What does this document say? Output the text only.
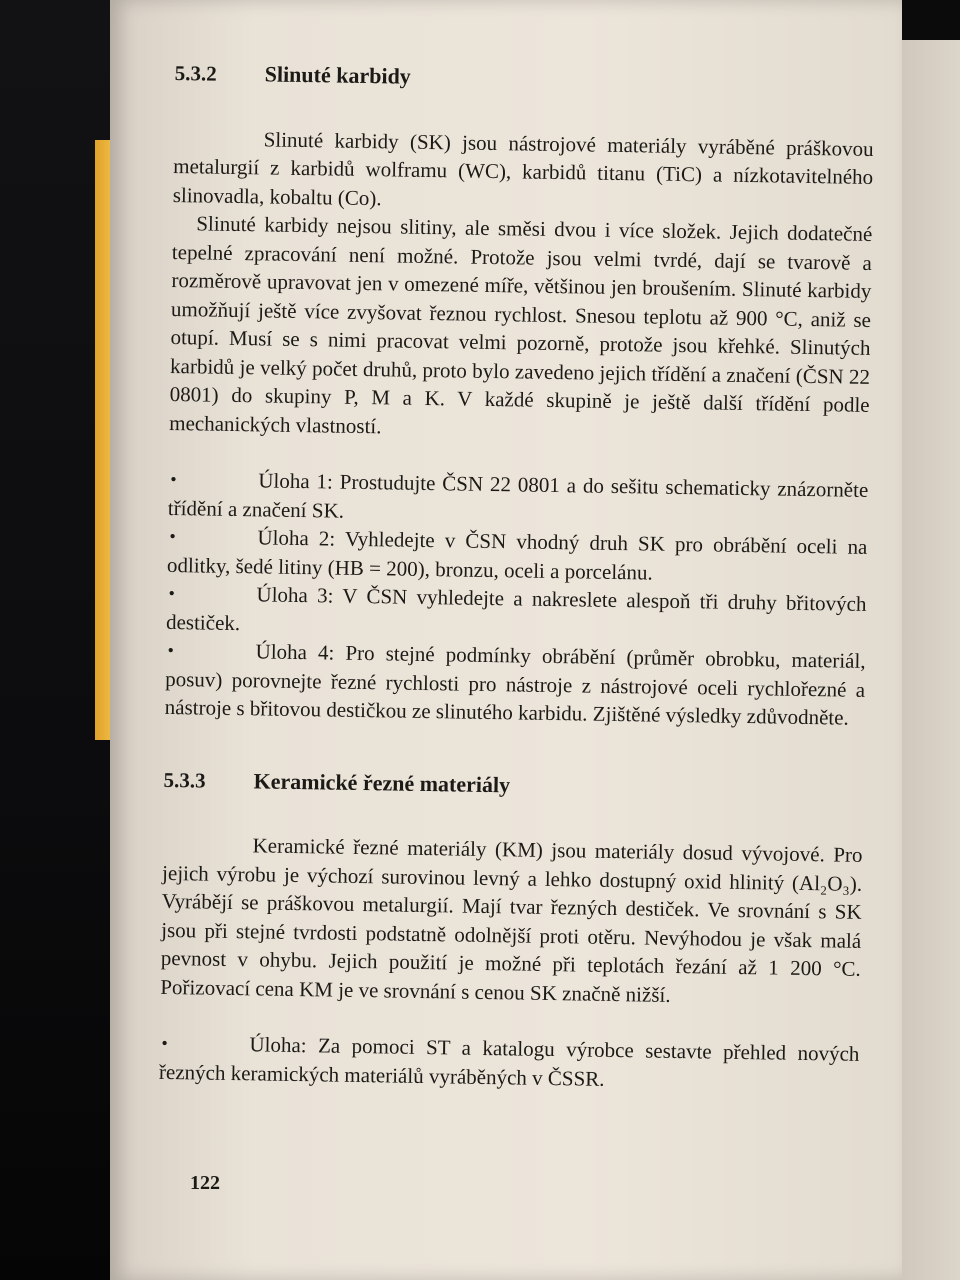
5.3.2	Slinuté karbidy

Slinuté karbidy (SK) jsou nástrojové materiály vyráběné práškovou metalurgií z karbidů wolframu (WC), karbidů titanu (TiC) a nízkotavitelného slinovadla, kobaltu (Co).

Slinuté karbidy nejsou slitiny, ale směsi dvou i více složek. Jejich dodatečné tepelné zpracování není možné. Protože jsou velmi tvrdé, dají se tvarově a rozměrově upravovat jen v omezené míře, většinou jen broušením. Slinuté karbidy umožňují ještě více zvyšovat řeznou rychlost. Snesou teplotu až 900 °C, aniž se otupí. Musí se s nimi pracovat velmi pozorně, protože jsou křehké. Slinutých karbidů je velký počet druhů, proto bylo zavedeno jejich třídění a značení (ČSN 22 0801) do skupiny P, M a K. V každé skupině je ještě další třídění podle mechanických vlastností.

•	Úloha 1: Prostudujte ČSN 22 0801 a do sešitu schematicky znázorněte třídění a značení SK.
•	Úloha 2: Vyhledejte v ČSN vhodný druh SK pro obrábění oceli na odlitky, šedé litiny (HB = 200), bronzu, oceli a porcelánu.
•	Úloha 3: V ČSN vyhledejte a nakreslete alespoň tři druhy břitových destiček.
•	Úloha 4: Pro stejné podmínky obrábění (průměr obrobku, materiál, posuv) porovnejte řezné rychlosti pro nástroje z nástrojové oceli rychlořezné a nástroje s břitovou destičkou ze slinutého karbidu. Zjištěné výsledky zdůvodněte.
5.3.3	Keramické řezné materiály

Keramické řezné materiály (KM) jsou materiály dosud vývojové. Pro jejich výrobu je výchozí surovinou levný a lehko dostupný oxid hlinitý (Al₂O₃). Vyrábějí se práškovou metalurgií. Mají tvar řezných destiček. Ve srovnání s SK jsou při stejné tvrdosti podstatně odolnější proti otěru. Nevýhodou je však malá pevnost v ohybu. Jejich použití je možné při teplotách řezání až 1 200 °C. Pořizovací cena KM je ve srovnání s cenou SK značně nižší.

•	Úloha: Za pomoci ST a katalogu výrobce sestavte přehled nových řezných keramických materiálů vyráběných v ČSSR.
122
